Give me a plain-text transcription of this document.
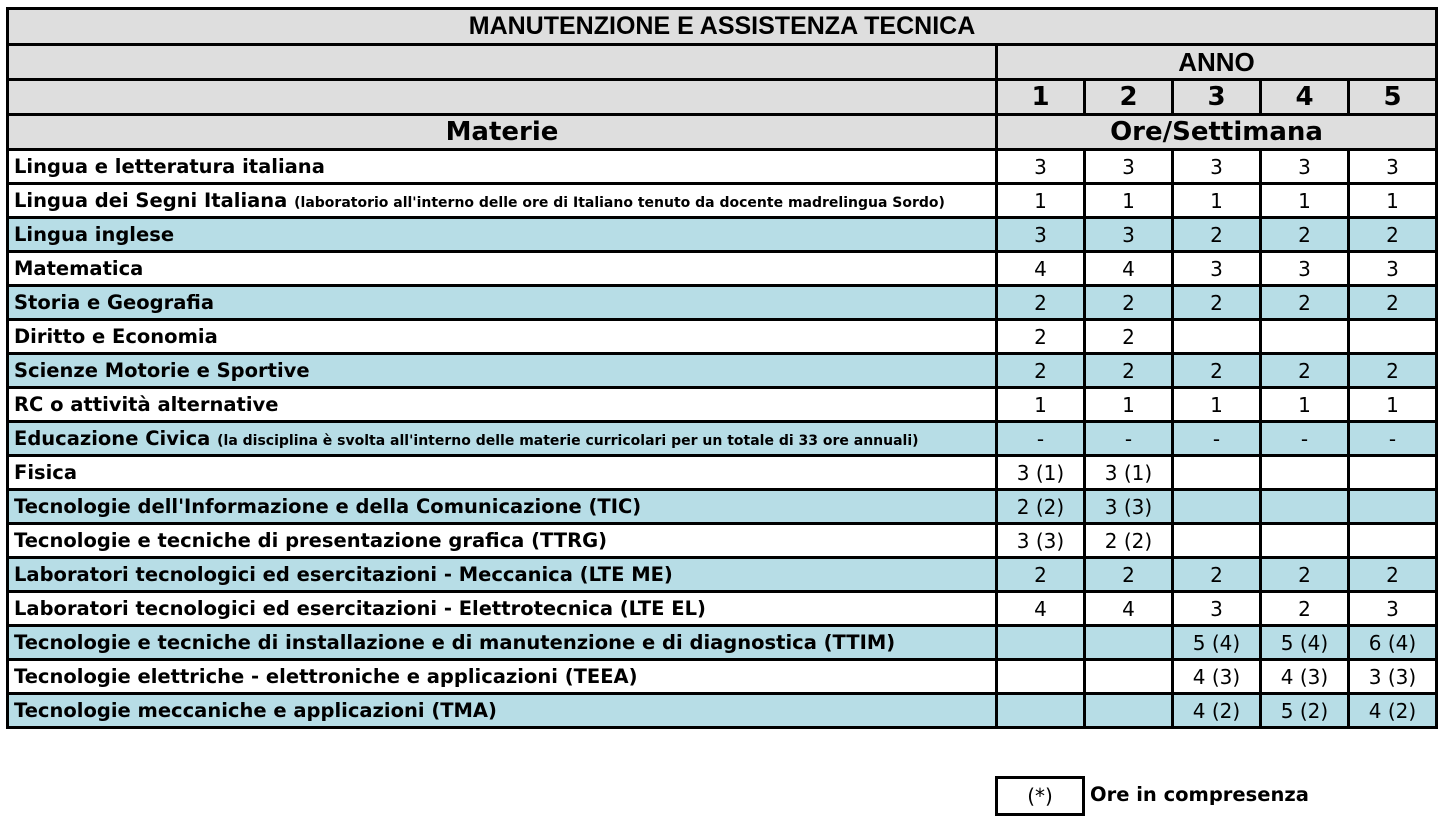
MANUTENZIONE E ASSISTENZA TECNICA					
	ANNO				
	1	2	3	4	5
Materie	Ore/Settimana				
Lingua e letteratura italiana	3	3	3	3	3
Lingua dei Segni Italiana (laboratorio all'interno delle ore di Italiano tenuto da docente madrelingua Sordo)	1	1	1	1	1
Lingua inglese	3	3	2	2	2
Matematica	4	4	3	3	3
Storia e Geografia	2	2	2	2	2
Diritto e Economia	2	2			
Scienze Motorie e Sportive	2	2	2	2	2
RC o attività alternative	1	1	1	1	1
Educazione Civica (la disciplina è svolta all'interno delle materie curricolari per un totale di 33 ore annuali)	-	-	-	-	-
Fisica	3 (1)	3 (1)			
Tecnologie dell'Informazione e della Comunicazione (TIC)	2 (2)	3 (3)			
Tecnologie e tecniche di presentazione grafica (TTRG)	3 (3)	2 (2)			
Laboratori tecnologici ed esercitazioni - Meccanica (LTE ME)	2	2	2	2	2
Laboratori tecnologici ed esercitazioni - Elettrotecnica (LTE EL)	4	4	3	2	3
Tecnologie e tecniche di installazione e di manutenzione e di diagnostica (TTIM)			5 (4)	5 (4)	6 (4)
Tecnologie elettriche - elettroniche e applicazioni (TEEA)			4 (3)	4 (3)	3 (3)
Tecnologie meccaniche e applicazioni (TMA)			4 (2)	5 (2)	4 (2)
(*)	Ore in compresenza
